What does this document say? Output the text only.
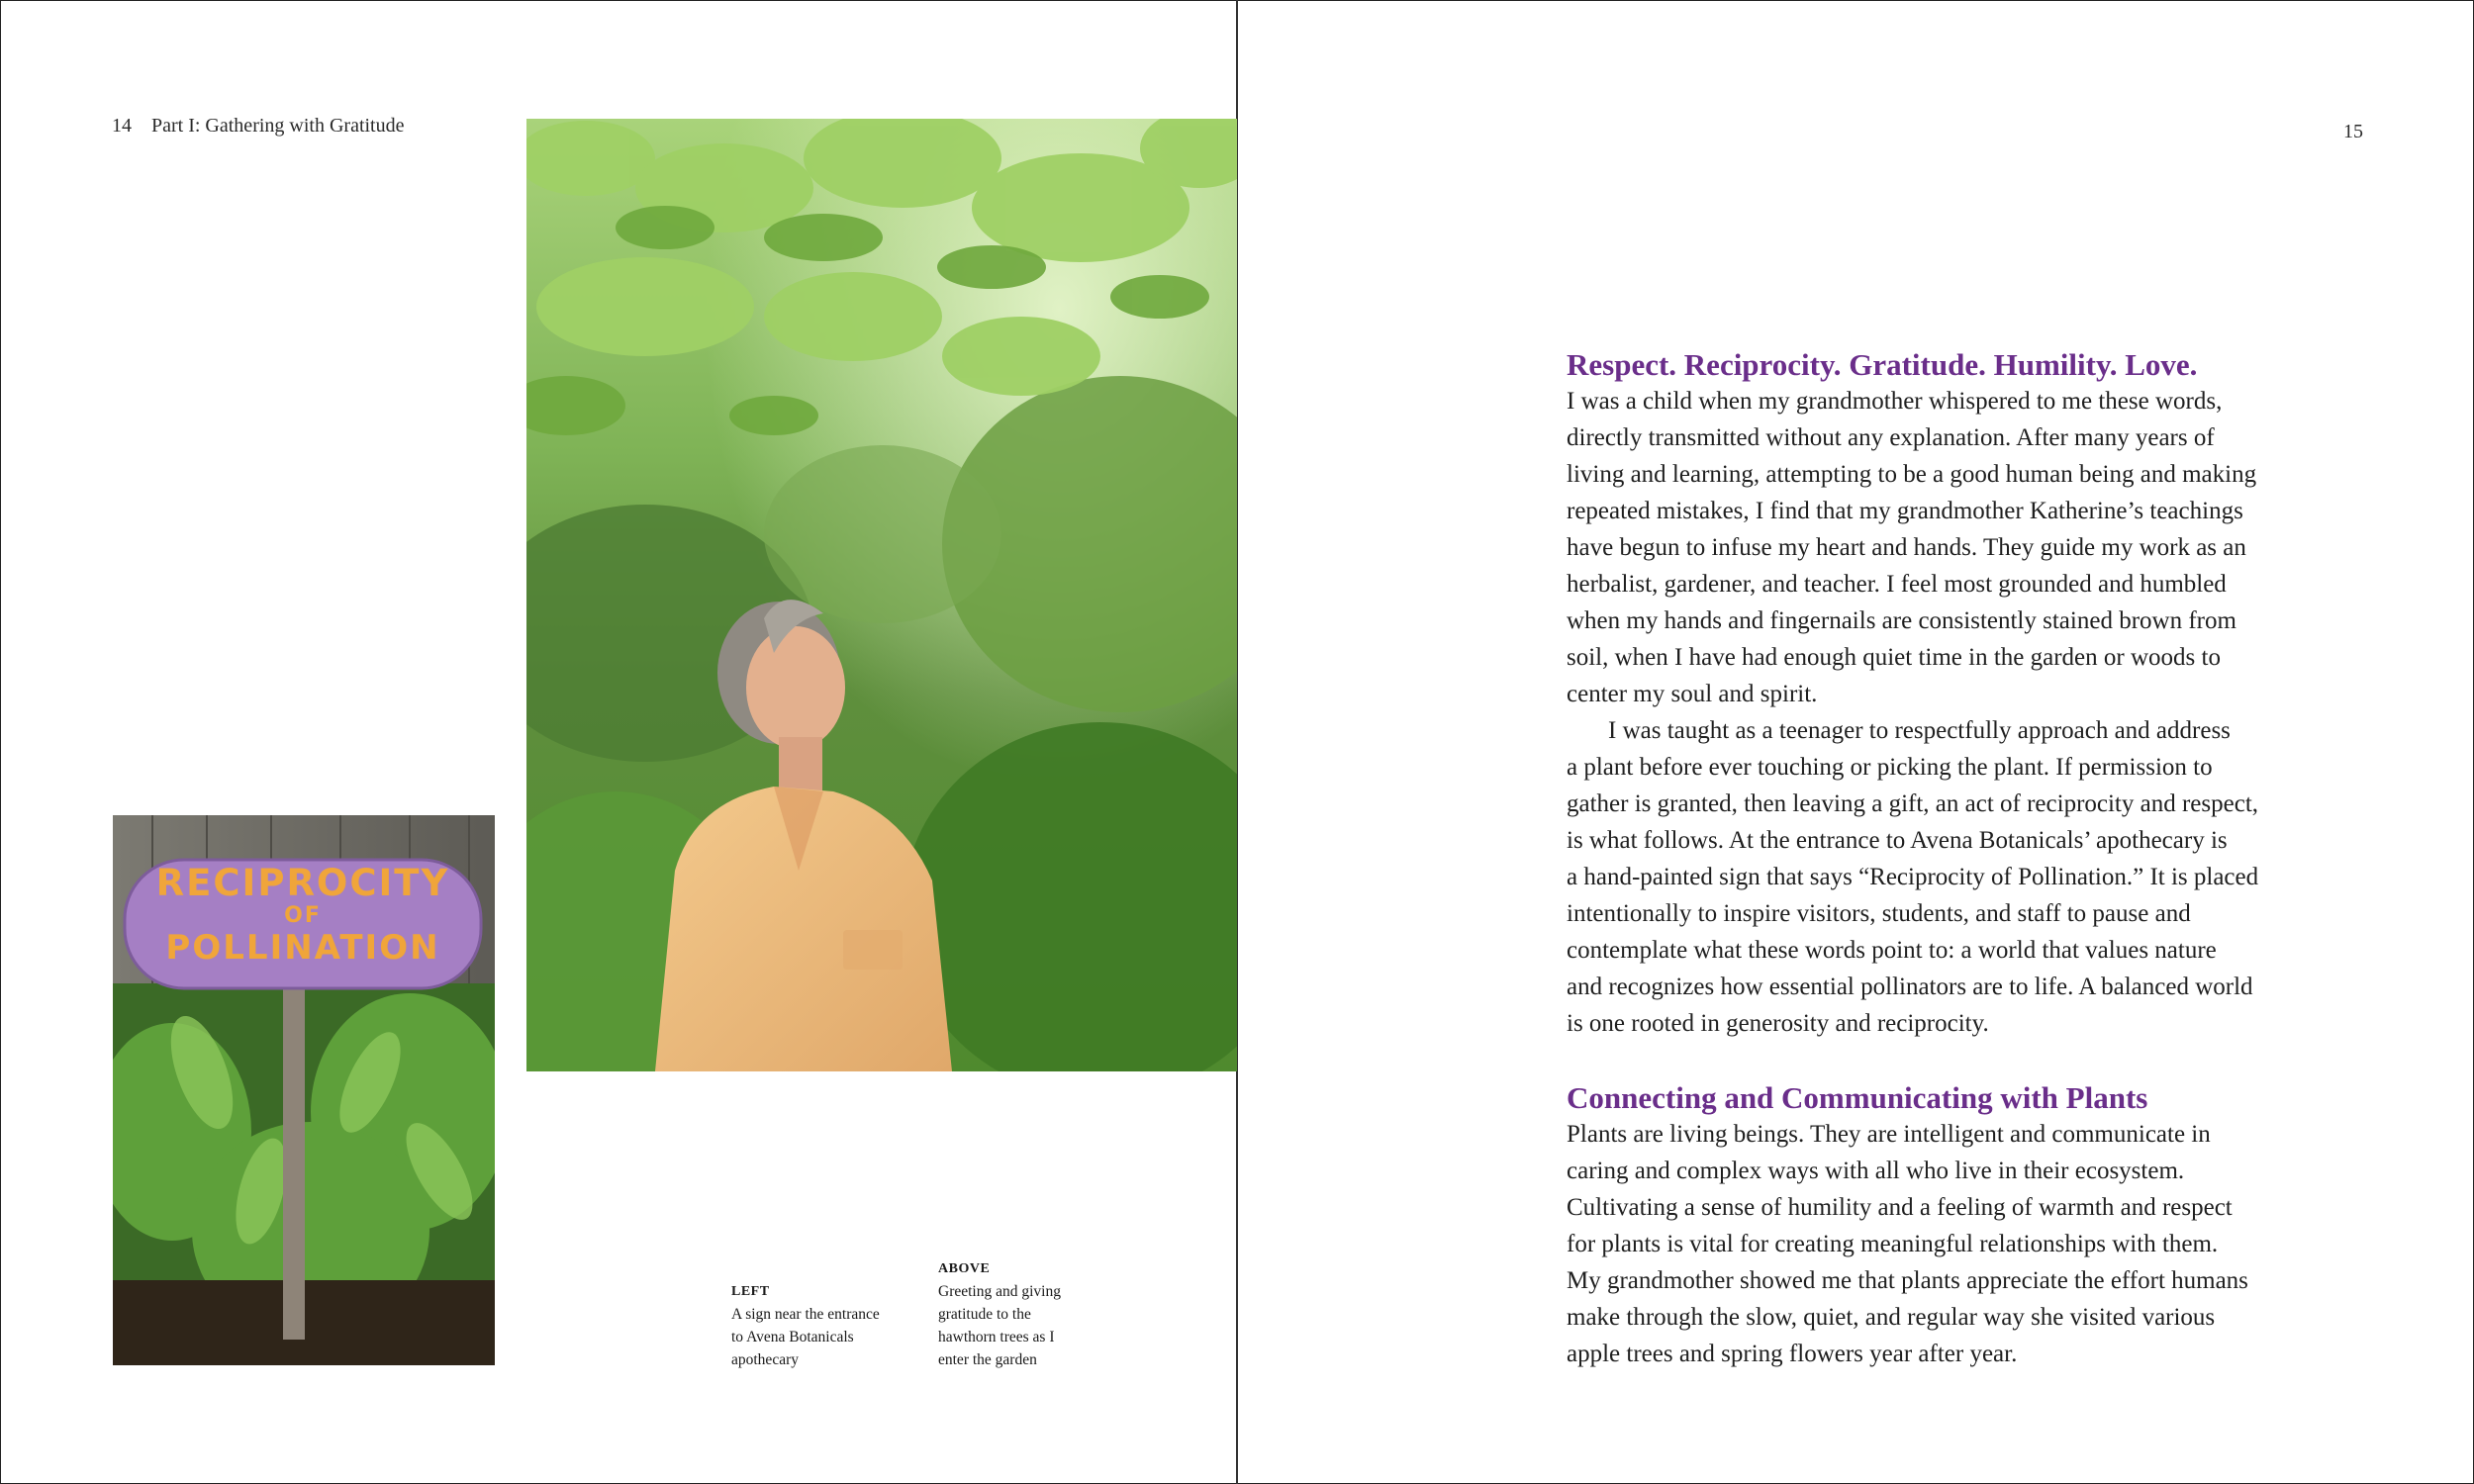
14 Part I: Gathering with Gratitude
RECIPROCITY
OF
POLLINATION
LEFT
A sign near the entrance
to Avena Botanicals
apothecary
ABOVE
Greeting and giving
gratitude to the
hawthorn trees as I
enter the garden
15
Respect. Reciprocity. Gratitude. Humility. Love.
I was a child when my grandmother whispered to me these words,
directly transmitted without any explanation. After many years of
living and learning, attempting to be a good human being and making
repeated mistakes, I find that my grandmother Katherine’s teachings
have begun to infuse my heart and hands. They guide my work as an
herbalist, gardener, and teacher. I feel most grounded and humbled
when my hands and fingernails are consistently stained brown from
soil, when I have had enough quiet time in the garden or woods to
center my soul and spirit.
I was taught as a teenager to respectfully approach and address
a plant before ever touching or picking the plant. If permission to
gather is granted, then leaving a gift, an act of reciprocity and respect,
is what follows. At the entrance to Avena Botanicals’ apothecary is
a hand-painted sign that says “Reciprocity of Pollination.” It is placed
intentionally to inspire visitors, students, and staff to pause and
contemplate what these words point to: a world that values nature
and recognizes how essential pollinators are to life. A balanced world
is one rooted in generosity and reciprocity.
Connecting and Communicating with Plants
Plants are living beings. They are intelligent and communicate in
caring and complex ways with all who live in their ecosystem.
Cultivating a sense of humility and a feeling of warmth and respect
for plants is vital for creating meaningful relationships with them.
My grandmother showed me that plants appreciate the effort humans
make through the slow, quiet, and regular way she visited various
apple trees and spring flowers year after year.
